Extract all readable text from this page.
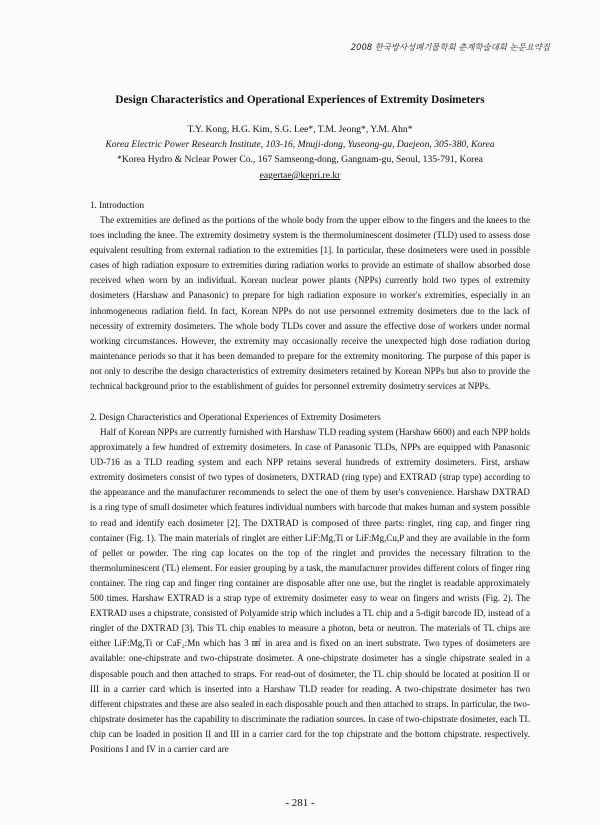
2008 한국방사성폐기물학회 춘계학술대회 논문요약집
Design Characteristics and Operational Experiences of Extremity Dosimeters
T.Y. Kong, H.G. Kim, S.G. Lee*, T.M. Jeong*, Y.M. Ahn*
Korea Electric Power Research Institute, 103-16, Mnuji-dong, Yuseong-gu, Daejeon, 305-380, Korea
*Korea Hydro & Nclear Power Co., 167 Samseong-dong, Gangnam-gu, Seoul, 135-791, Korea
eagertae@kepri.re.kr
1. Introduction

The extremities are defined as the portions of the whole body from the upper elbow to the fingers and the knees to the toes including the knee. The extremity dosimetry system is the thermoluminescent dosimeter (TLD) used to assess dose equivalent resulting from external radiation to the extremities [1]. In particular, these dosimeters were used in possible cases of high radiation exposure to extremities during radiation works to provide an estimate of shallow absorbed dose received when worn by an individual. Korean nuclear power plants (NPPs) currently hold two types of extremity dosimeters (Harshaw and Panasonic) to prepare for high radiation exposure to worker's extremities, especially in an inhomogeneous radiation field. In fact, Korean NPPs do not use personnel extremity dosimeters due to the lack of necessity of extremity dosimeters. The whole body TLDs cover and assure the effective dose of workers under normal working circumstances. However, the extremity may occasionally receive the unexpected high dose radiation during maintenance periods so that it has been demanded to prepare for the extremity monitoring. The purpose of this paper is not only to describe the design characteristics of extremity dosimeters retained by Korean NPPs but also to provide the technical background prior to the establishment of guides for personnel extremity dosimetry services at NPPs.

2. Design Characteristics and Operational Experiences of Extremity Dosimeters

Half of Korean NPPs are currently furnished with Harshaw TLD reading system (Harshaw 6600) and each NPP holds approximately a few hundred of extremity dosimeters. In case of Panasonic TLDs, NPPs are equipped with Panasonic UD-716 as a TLD reading system and each NPP retains several hundreds of extremity dosimeters. First, arshaw extremity dosimeters consist of two types of dosimeters, DXTRAD (ring type) and EXTRAD (strap type) according to the appearance and the manufacturer recommends to select the one of them by user's convenience. Harshaw DXTRAD is a ring type of small dosimeter which features individual numbers with barcode that makes human and system possible to read and identify each dosimeter [2]. The DXTRAD is composed of three parts: ringlet, ring cap, and finger ring container (Fig. 1). The main materials of ringlet are either LiF:Mg,Ti or LiF:Mg,Cu,P and they are available in the form of pellet or powder. The ring cap locates on the top of the ringlet and provides the necessary filtration to the thermoluminescent (TL) element. For easier grouping by a task, the manufacturer provides different colors of finger ring container. The ring cap and finger ring container are disposable after one use, but the ringlet is readable approximately 500 times. Harshaw EXTRAD is a strap type of extremity dosimeter easy to wear on fingers and wrists (Fig. 2). The EXTRAD uses a chipstrate, consisted of Polyamide strip which includes a TL chip and a 5-digit barcode ID, instead of a ringlet of the DXTRAD [3]. This TL chip enables to measure a photon, beta or neutron. The materials of TL chips are either LiF:Mg,Ti or CaF₂:Mn which has 3 ㎟ in area and is fixed on an inert substrate. Two types of dosimeters are available: one-chipstrate and two-chipstrate dosimeter. A one-chipstrate dosimeter has a single chipstrate sealed in a disposable pouch and then attached to straps. For read-out of dosimeter, the TL chip should be located at position II or III in a carrier card which is inserted into a Harshaw TLD reader for reading. A two-chipstrate dosimeter has two different chipstrates and these are also sealed in each disposable pouch and then attached to straps. In particular, the two-chipstrate dosimeter has the capability to discriminate the radiation sources. In case of two-chipstrate dosimeter, each TL chip can be loaded in position II and III in a carrier card for the top chipstrate and the bottom chipstrate. respectively. Positions I and IV in a carrier card are

- 281 -
